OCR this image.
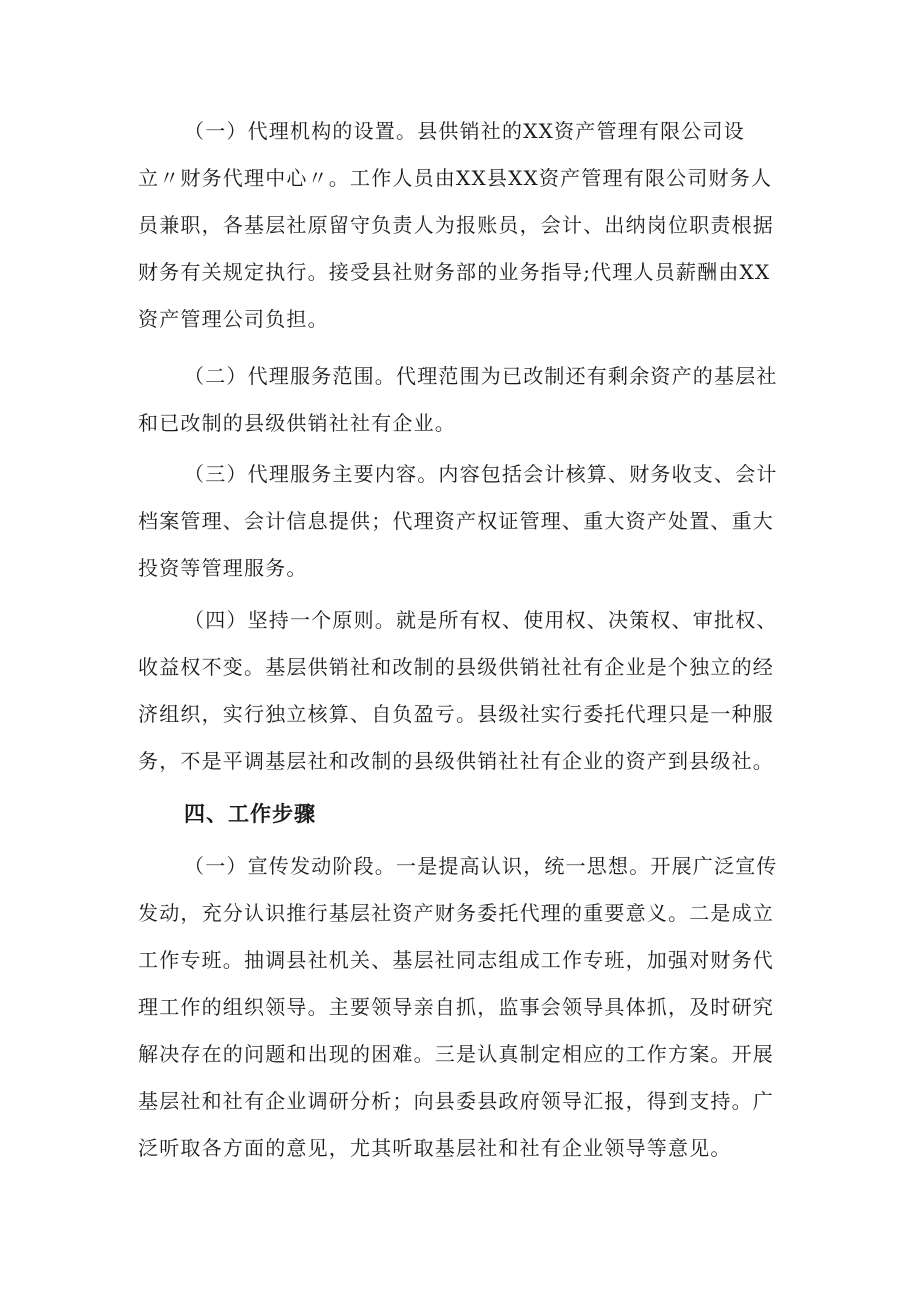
（一）代理机构的设置。县供销社的XX资产管理有限公司设
立〃财务代理中心〃。工作人员由XX县XX资产管理有限公司财务人
员兼职，各基层社原留守负责人为报账员，会计、出纳岗位职责根据
财务有关规定执行。接受县社财务部的业务指导;代理人员薪酬由XX
资产管理公司负担。
（二）代理服务范围。代理范围为已改制还有剩余资产的基层社
和已改制的县级供销社社有企业。
（三）代理服务主要内容。内容包括会计核算、财务收支、会计
档案管理、会计信息提供；代理资产权证管理、重大资产处置、重大
投资等管理服务。
（四）坚持一个原则。就是所有权、使用权、决策权、审批权、
收益权不变。基层供销社和改制的县级供销社社有企业是个独立的经
济组织，实行独立核算、自负盈亏。县级社实行委托代理只是一种服
务，不是平调基层社和改制的县级供销社社有企业的资产到县级社。
四、工作步骤
（一）宣传发动阶段。一是提高认识，统一思想。开展广泛宣传
发动，充分认识推行基层社资产财务委托代理的重要意义。二是成立
工作专班。抽调县社机关、基层社同志组成工作专班，加强对财务代
理工作的组织领导。主要领导亲自抓，监事会领导具体抓，及时研究
解决存在的问题和出现的困难。三是认真制定相应的工作方案。开展
基层社和社有企业调研分析；向县委县政府领导汇报，得到支持。广
泛听取各方面的意见，尤其听取基层社和社有企业领导等意见。
